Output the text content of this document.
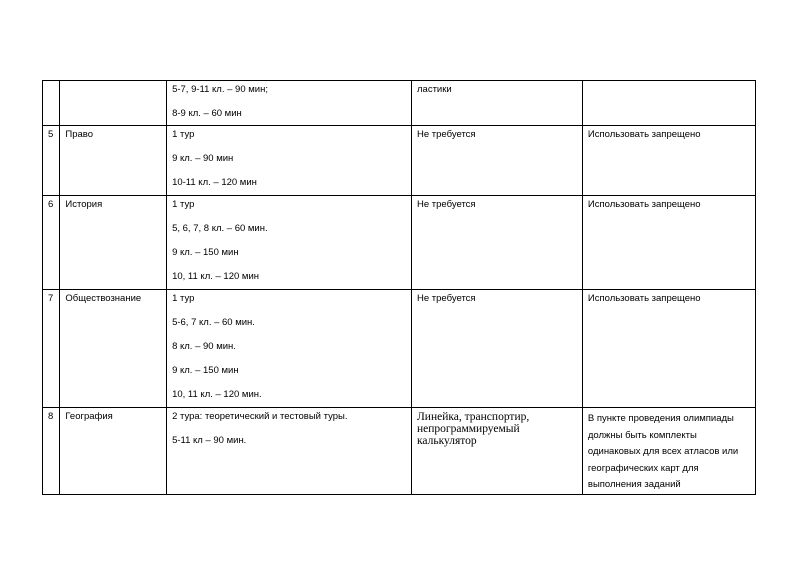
		5-7, 9-11 кл. – 90 мин;

8-9 кл. – 60 мин	ластики	
5	Право	1 тур

9 кл. – 90 мин

10-11 кл. – 120 мин	Не требуется	Использовать запрещено
6	История	1 тур

5, 6, 7, 8 кл. – 60 мин.

9 кл. – 150 мин

10, 11 кл. – 120 мин	Не требуется	Использовать запрещено
7	Обществознание	1 тур

5-6, 7 кл. – 60 мин.

8 кл. – 90 мин.

9 кл. – 150 мин

10, 11 кл. – 120 мин.	Не требуется	Использовать запрещено
8	География	2 тура: теоретический и тестовый туры.

5-11 кл – 90 мин.	Линейка, транспортир, непрограммируемый калькулятор	В пункте проведения олимпиады должны быть комплекты одинаковых для всех атласов или географических карт для выполнения заданий
